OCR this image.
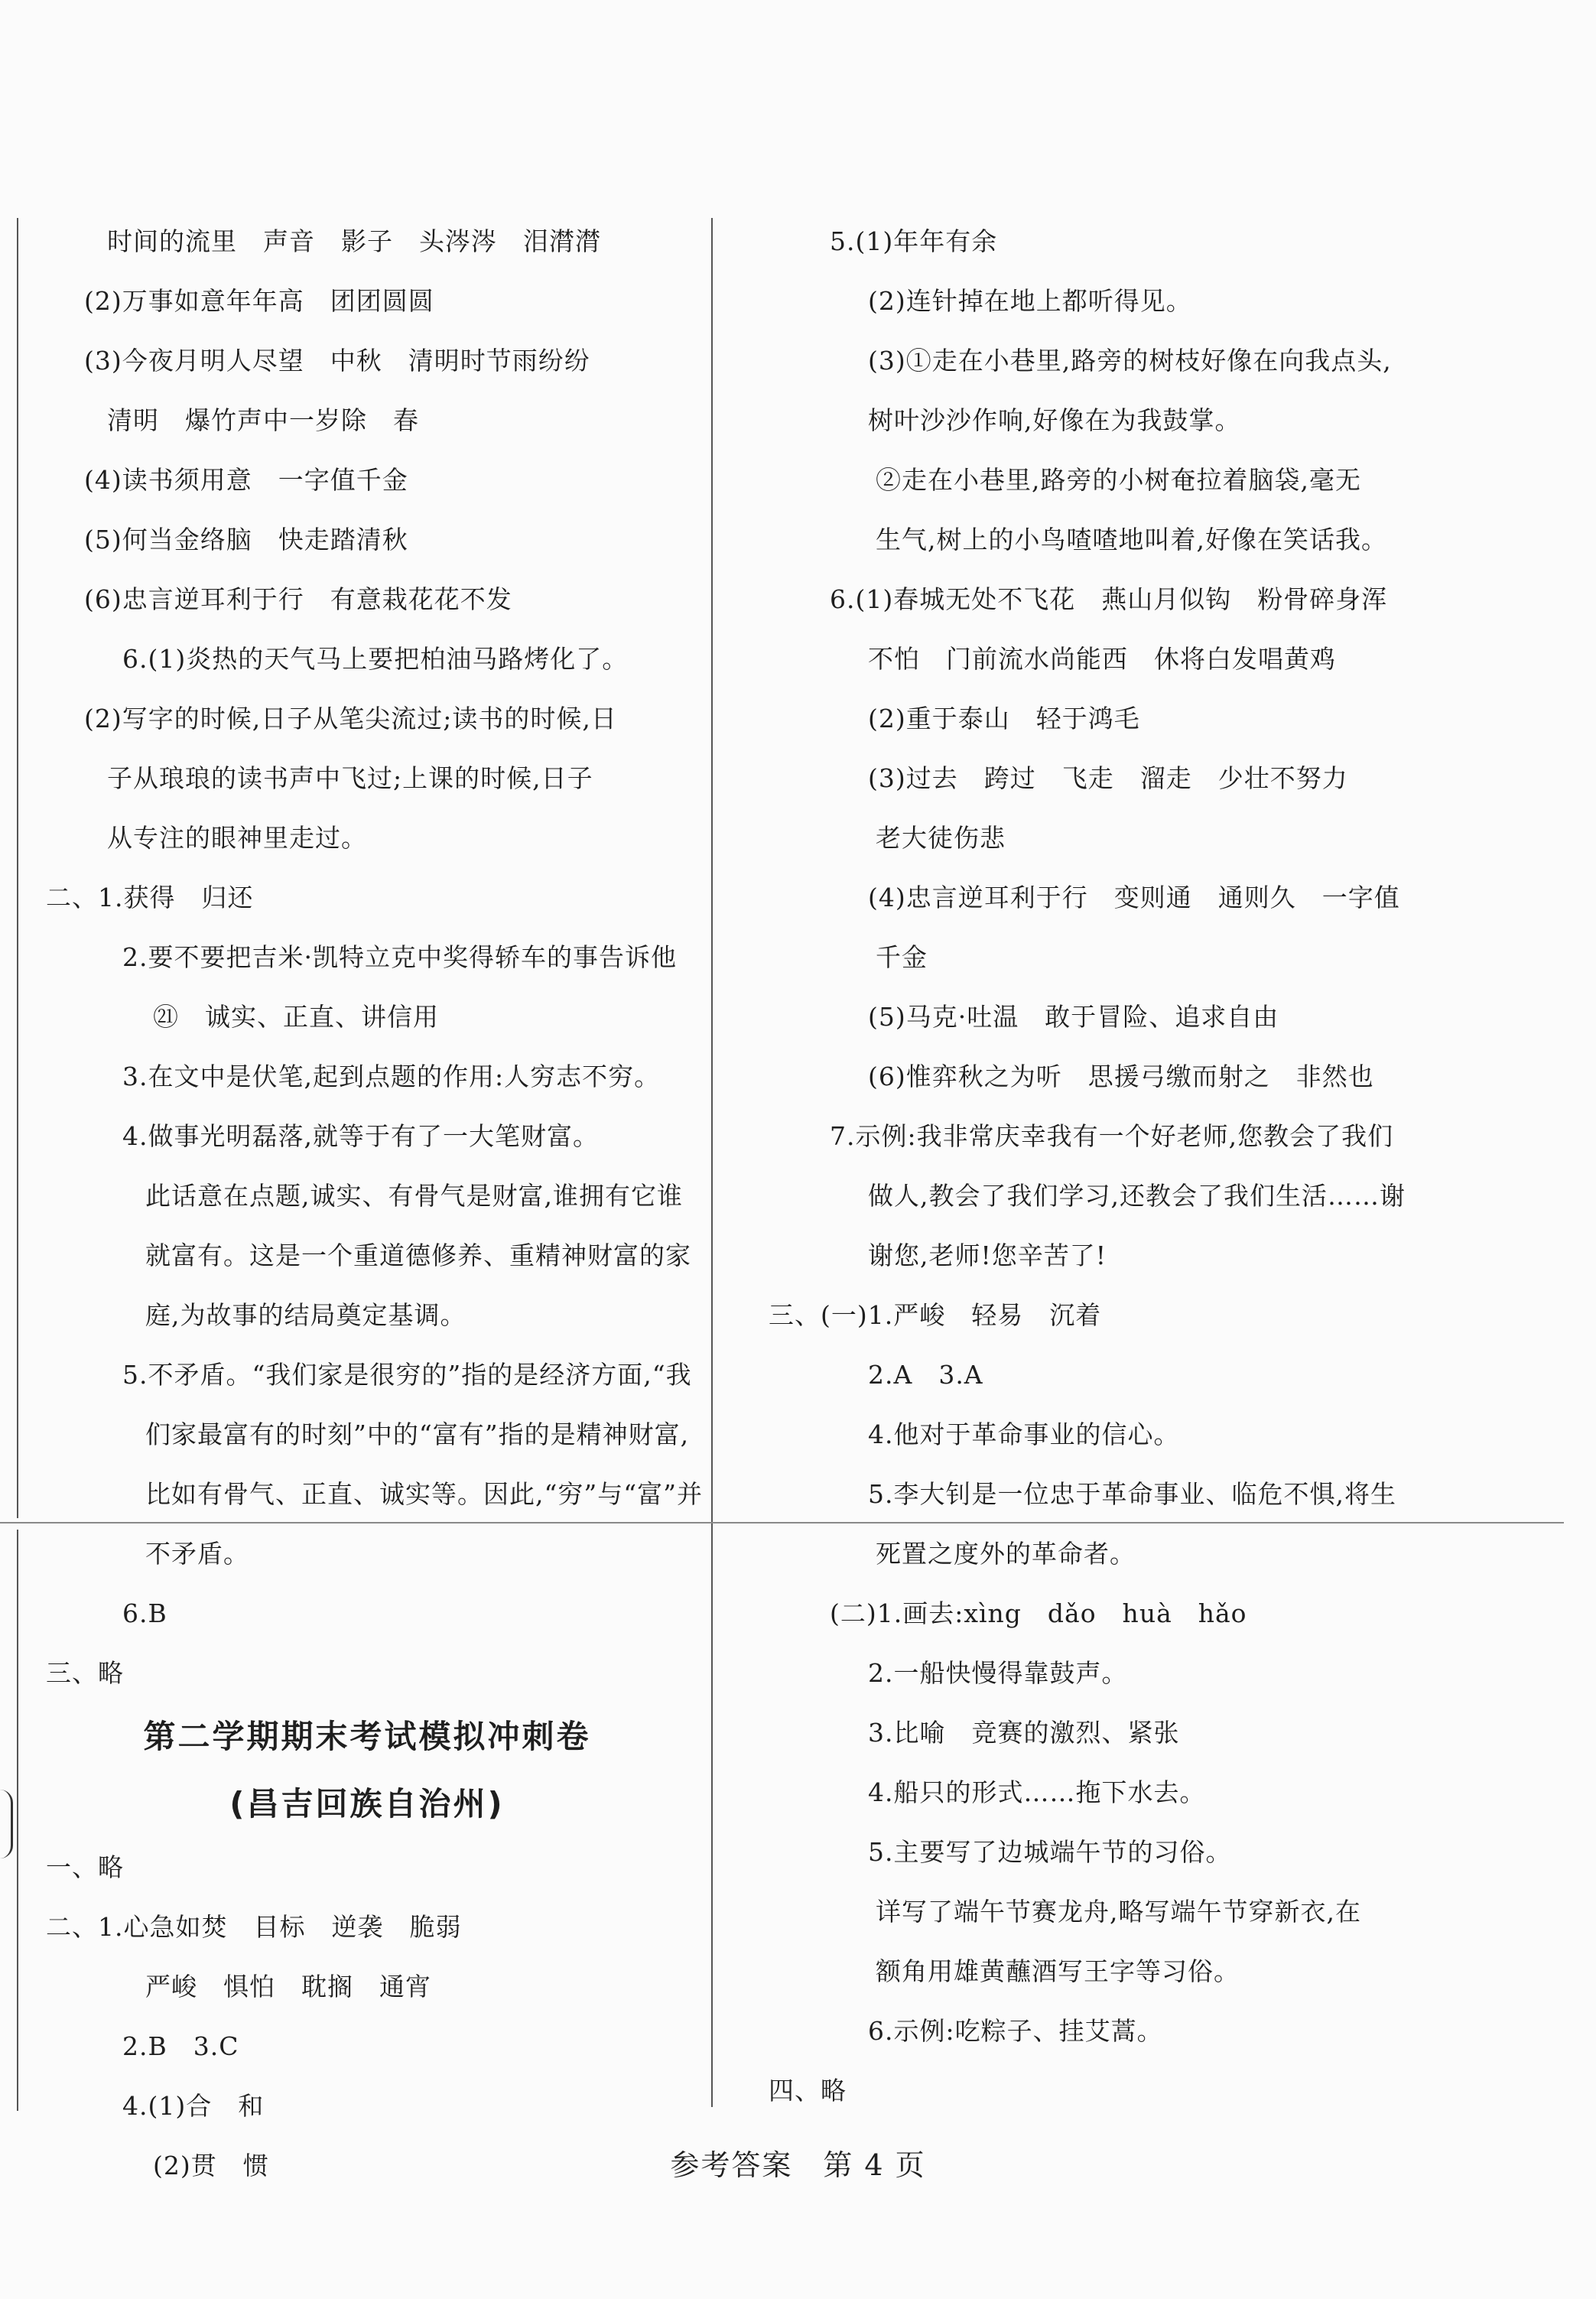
时间的流里　声音　影子　头涔涔　泪潸潸
(2)万事如意年年高　团团圆圆
(3)今夜月明人尽望　中秋　清明时节雨纷纷
清明　爆竹声中一岁除　春
(4)读书须用意　一字值千金
(5)何当金络脑　快走踏清秋
(6)忠言逆耳利于行　有意栽花花不发
6.(1)炎热的天气马上要把柏油马路烤化了。
(2)写字的时候,日子从笔尖流过;读书的时候,日
子从琅琅的读书声中飞过;上课的时候,日子
从专注的眼神里走过。
二、1.获得　归还
2.要不要把吉米·凯特立克中奖得轿车的事告诉他
㉑　诚实、正直、讲信用
3.在文中是伏笔,起到点题的作用:人穷志不穷。
4.做事光明磊落,就等于有了一大笔财富。
此话意在点题,诚实、有骨气是财富,谁拥有它谁
就富有。这是一个重道德修养、重精神财富的家
庭,为故事的结局奠定基调。
5.不矛盾。“我们家是很穷的”指的是经济方面,“我
们家最富有的时刻”中的“富有”指的是精神财富,
比如有骨气、正直、诚实等。因此,“穷”与“富”并
不矛盾。
6.B
三、略
第二学期期末考试模拟冲刺卷
(昌吉回族自治州)
一、略
二、1.心急如焚　目标　逆袭　脆弱
严峻　惧怕　耽搁　通宵
2.B　3.C
4.(1)合　和
(2)贯　惯
5.(1)年年有余
(2)连针掉在地上都听得见。
(3)①走在小巷里,路旁的树枝好像在向我点头,
树叶沙沙作响,好像在为我鼓掌。
②走在小巷里,路旁的小树奄拉着脑袋,毫无
生气,树上的小鸟喳喳地叫着,好像在笑话我。
6.(1)春城无处不飞花　燕山月似钩　粉骨碎身浑
不怕　门前流水尚能西　休将白发唱黄鸡
(2)重于泰山　轻于鸿毛
(3)过去　跨过　飞走　溜走　少壮不努力
老大徒伤悲
(4)忠言逆耳利于行　变则通　通则久　一字值
千金
(5)马克·吐温　敢于冒险、追求自由
(6)惟弈秋之为听　思援弓缴而射之　非然也
7.示例:我非常庆幸我有一个好老师,您教会了我们
做人,教会了我们学习,还教会了我们生活……谢
谢您,老师!您辛苦了!
三、(一)1.严峻　轻易　沉着
2.A　3.A
4.他对于革命事业的信心。
5.李大钊是一位忠于革命事业、临危不惧,将生
死置之度外的革命者。
(二)1.画去:xìng　dǎo　huà　hǎo
2.一船快慢得靠鼓声。
3.比喻　竞赛的激烈、紧张
4.船只的形式……拖下水去。
5.主要写了边城端午节的习俗。
详写了端午节赛龙舟,略写端午节穿新衣,在
额角用雄黄蘸酒写王字等习俗。
6.示例:吃粽子、挂艾蒿。
四、略
参考答案　第 4 页
